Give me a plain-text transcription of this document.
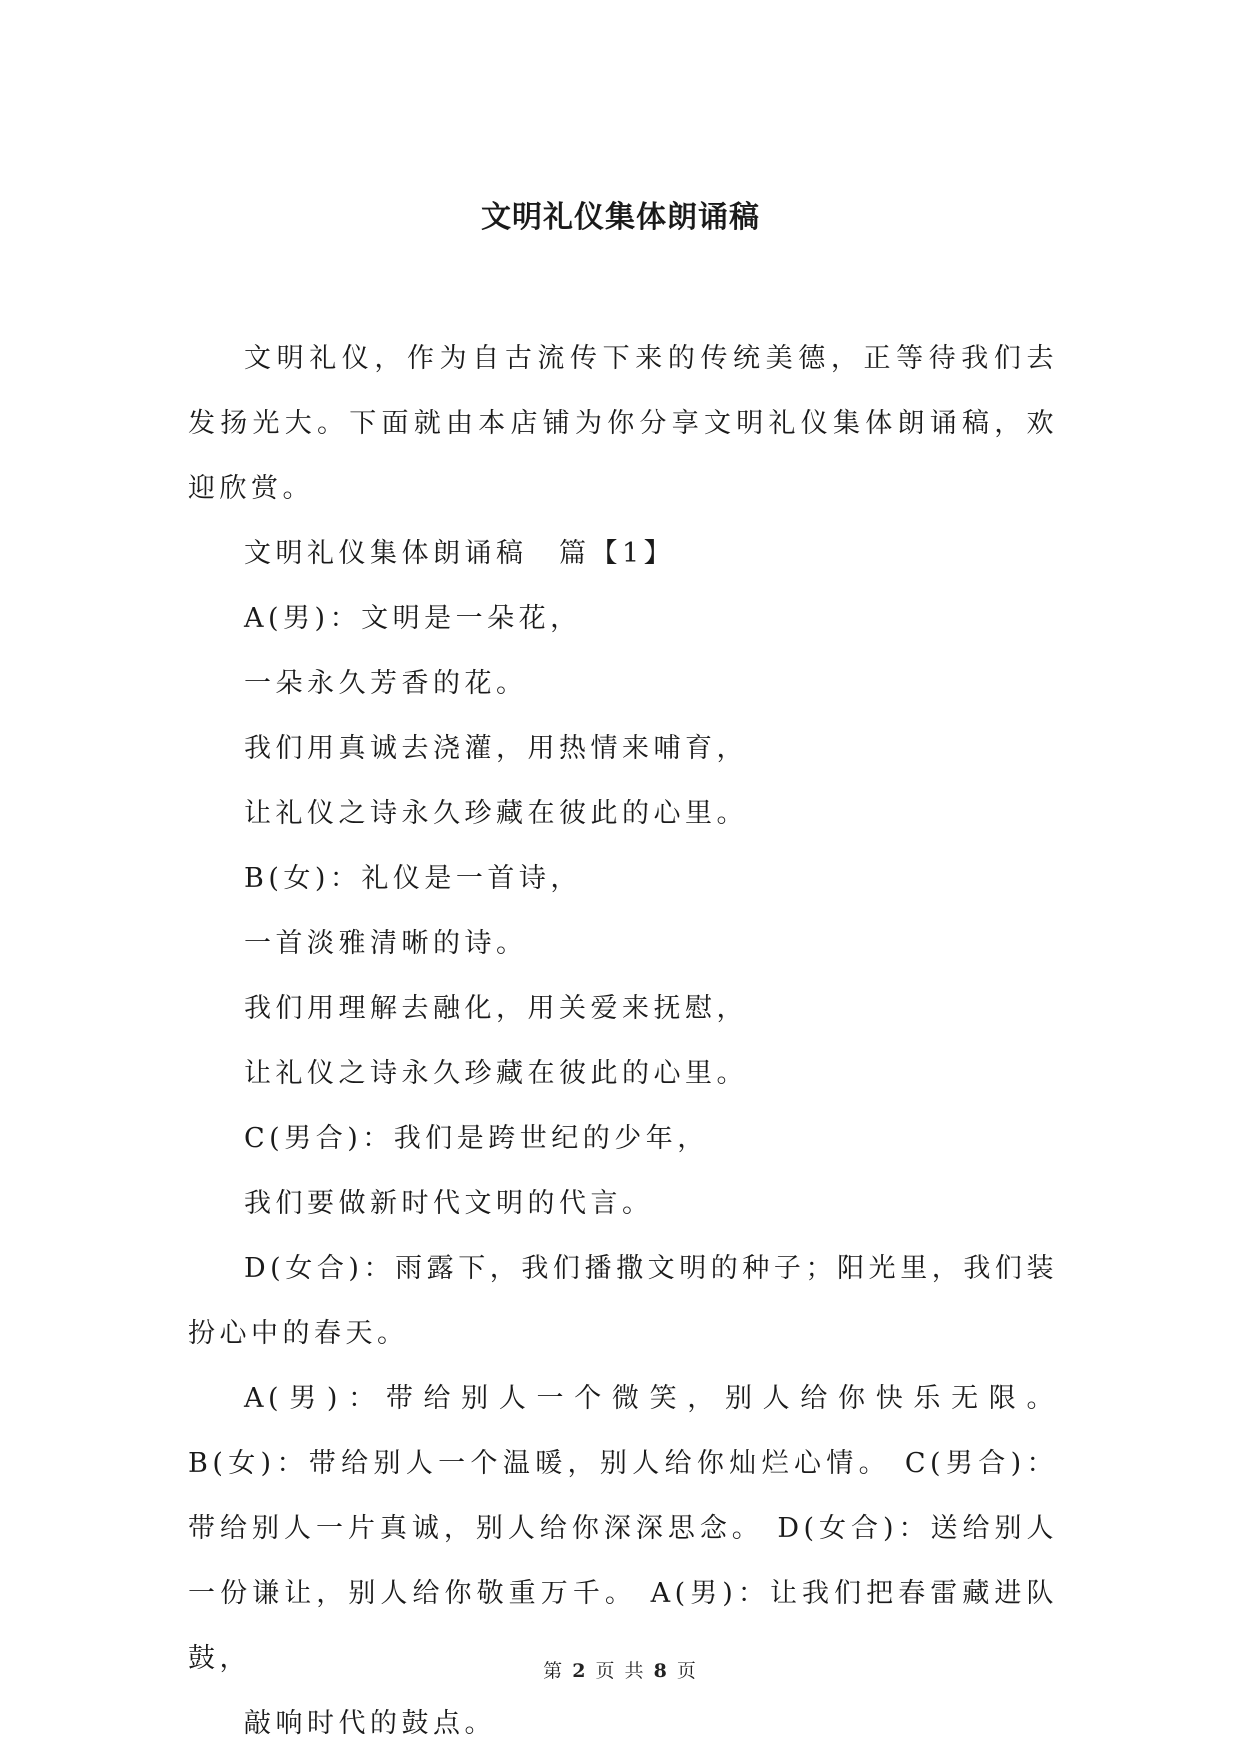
文明礼仪集体朗诵稿

文明礼仪，作为自古流传下来的传统美德，正等待我们去发扬光大。下面就由本店铺为你分享文明礼仪集体朗诵稿，欢迎欣赏。

文明礼仪集体朗诵稿　篇【1】

A(男)：文明是一朵花，

一朵永久芳香的花。

我们用真诚去浇灌，用热情来哺育，

让礼仪之诗永久珍藏在彼此的心里。

B(女)：礼仪是一首诗，

一首淡雅清晰的诗。

我们用理解去融化，用关爱来抚慰，

让礼仪之诗永久珍藏在彼此的心里。

C(男合)：我们是跨世纪的少年，

我们要做新时代文明的代言。

D(女合)：雨露下，我们播撒文明的种子；阳光里，我们装扮心中的春天。

A(男)：带给别人一个微笑，别人给你快乐无限。 B(女)：带给别人一个温暖，别人给你灿烂心情。 C(男合)：带给别人一片真诚，别人给你深深思念。 D(女合)：送给别人一份谦让，别人给你敬重万千。 A(男)：让我们把春雷藏进队鼓，

敲响时代的鼓点。

第 2 页 共 8 页
